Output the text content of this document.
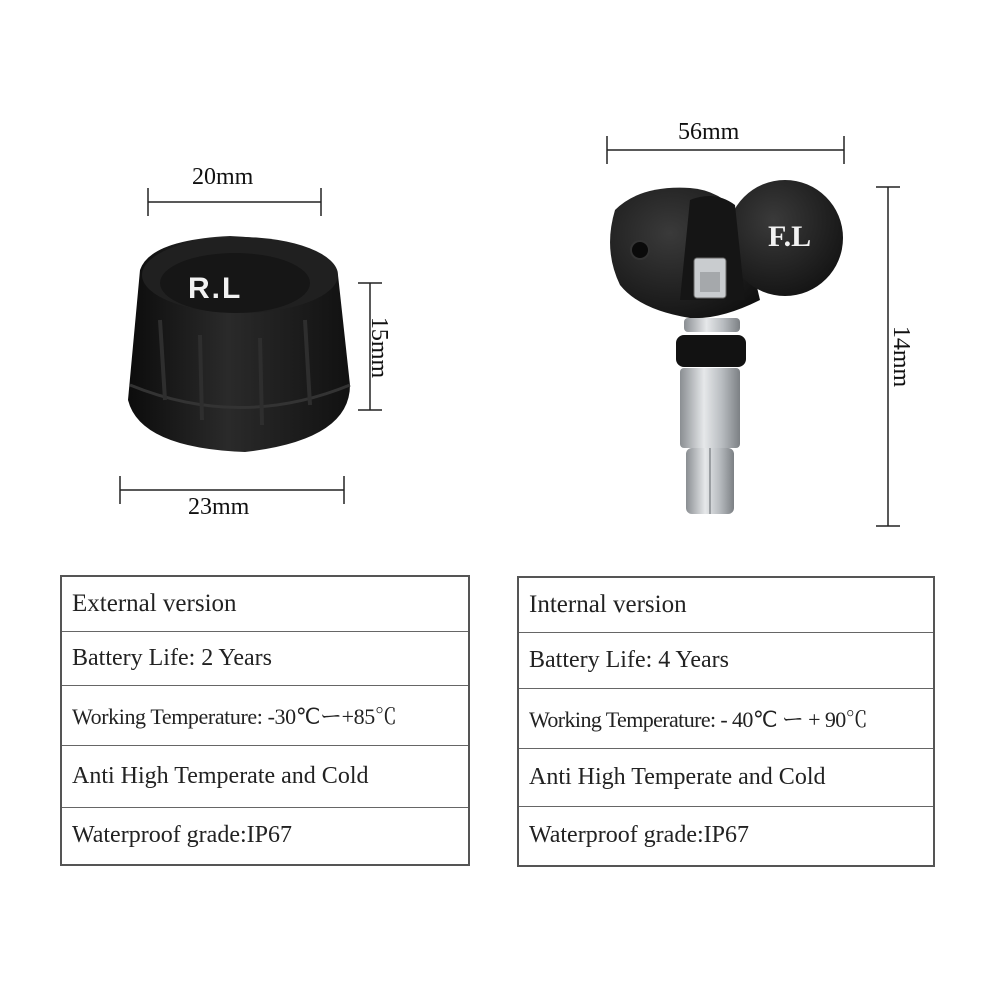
R.L
F.L
20mm
23mm
15mm
56mm
14mm
External version
Battery Life: 2 Years
Working Temperature: -30℃ー+85℃
Anti High Temperate and Cold
Waterproof grade:IP67
Internal version
Battery Life: 4 Years
Working Temperature: - 40℃ ー + 90℃
Anti High Temperate and Cold
Waterproof grade:IP67
